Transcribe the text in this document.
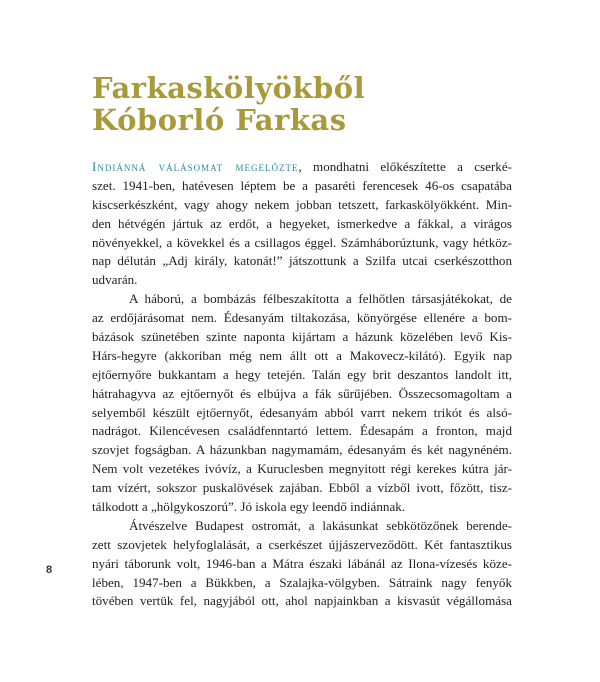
Farkaskölyökből
Kóborló Farkas
Indiánná válásomat megelőzte, mondhatni előkészítette a cserké-
szet. 1941-ben, hatévesen léptem be a pasaréti ferencesek 46-os csapatába
kiscserkészként, vagy ahogy nekem jobban tetszett, farkaskölyökként. Min-
den hétvégén jártuk az erdőt, a hegyeket, ismerkedve a fákkal, a virágos
növényekkel, a kövekkel és a csillagos éggel. Számháborúztunk, vagy hétköz-
nap délután „Adj király, katonát!” játszottunk a Szilfa utcai cserkészotthon
udvarán.
A háború, a bombázás félbeszakította a felhőtlen társasjátékokat, de
az erdőjárásomat nem. Édesanyám tiltakozása, könyörgése ellenére a bom-
bázások szünetében szinte naponta kijártam a házunk közelében levő Kis-
Hárs-hegyre (akkoriban még nem állt ott a Makovecz-kilátó). Egyik nap
ejtőernyőre bukkantam a hegy tetején. Talán egy brit deszantos landolt itt,
hátrahagyva az ejtőernyőt és elbújva a fák sűrűjében. Összecsomagoltam a
selyemből készült ejtőernyőt, édesanyám abból varrt nekem trikót és alsó-
nadrágot. Kilencévesen családfenntartó lettem. Édesapám a fronton, majd
szovjet fogságban. A házunkban nagymamám, édesanyám és két nagynéném.
Nem volt vezetékes ivóvíz, a Kuruclesben megnyitott régi kerekes kútra jár-
tam vízért, sokszor puskalövések zajában. Ebből a vízből ivott, főzött, tisz-
tálkodott a „hölgykoszorú”. Jó iskola egy leendő indiánnak.
Átvészelve Budapest ostromát, a lakásunkat sebkötözőnek berende-
zett szovjetek helyfoglalását, a cserkészet újjászerveződött. Két fantasztikus
nyári táborunk volt, 1946-ban a Mátra északi lábánál az Ilona-vízesés köze-
lében, 1947-ben a Bükkben, a Szalajka-völgyben. Sátraink nagy fenyők
tövében vertük fel, nagyjából ott, ahol napjainkban a kisvasút végállomása
8
